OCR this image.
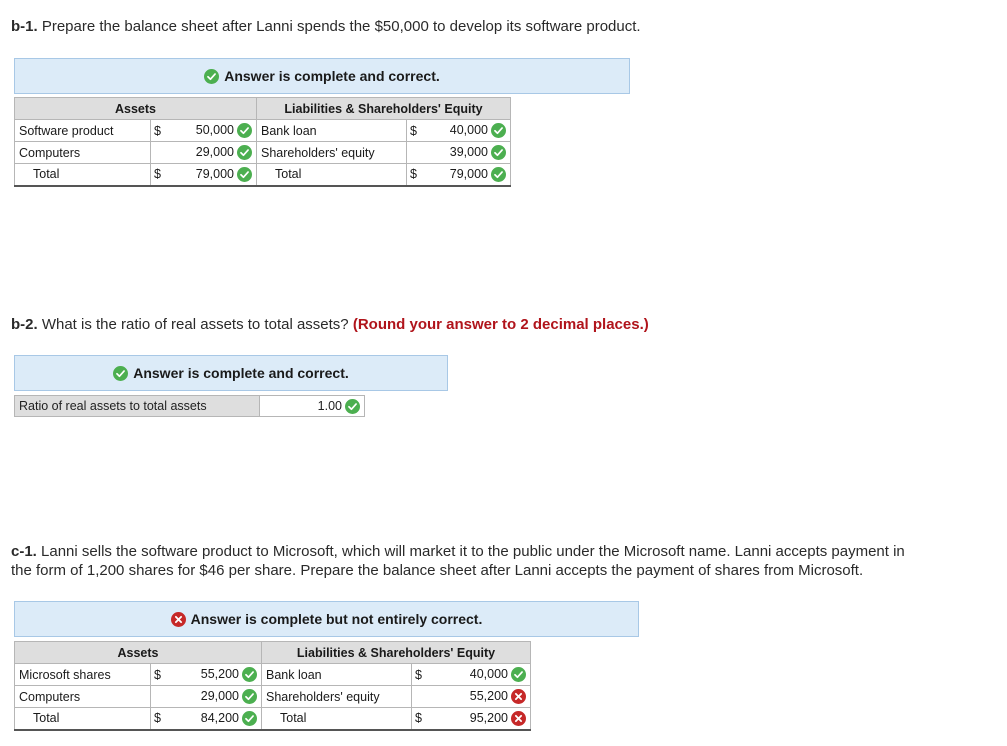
b-1. Prepare the balance sheet after Lanni spends the $50,000 to develop its software product.
Answer is complete and correct.
Assets			Liabilities & Shareholders' Equity		
Software product	$	50,000	Bank loan	$	40,000

Computers		29,000	Shareholders' equity		39,000

Total	$	79,000	Total	$	79,000
b-2. What is the ratio of real assets to total assets? (Round your answer to 2 decimal places.)
Answer is complete and correct.
Ratio of real assets to total assets	1.00
c-1. Lanni sells the software product to Microsoft, which will market it to the public under the Microsoft name. Lanni accepts payment in
the form of 1,200 shares for $46 per share. Prepare the balance sheet after Lanni accepts the payment of shares from Microsoft.
Answer is complete but not entirely correct.
Assets			Liabilities & Shareholders' Equity		
Microsoft shares	$	55,200	Bank loan	$	40,000

Computers		29,000	Shareholders' equity		55,200

Total	$	84,200	Total	$	95,200
